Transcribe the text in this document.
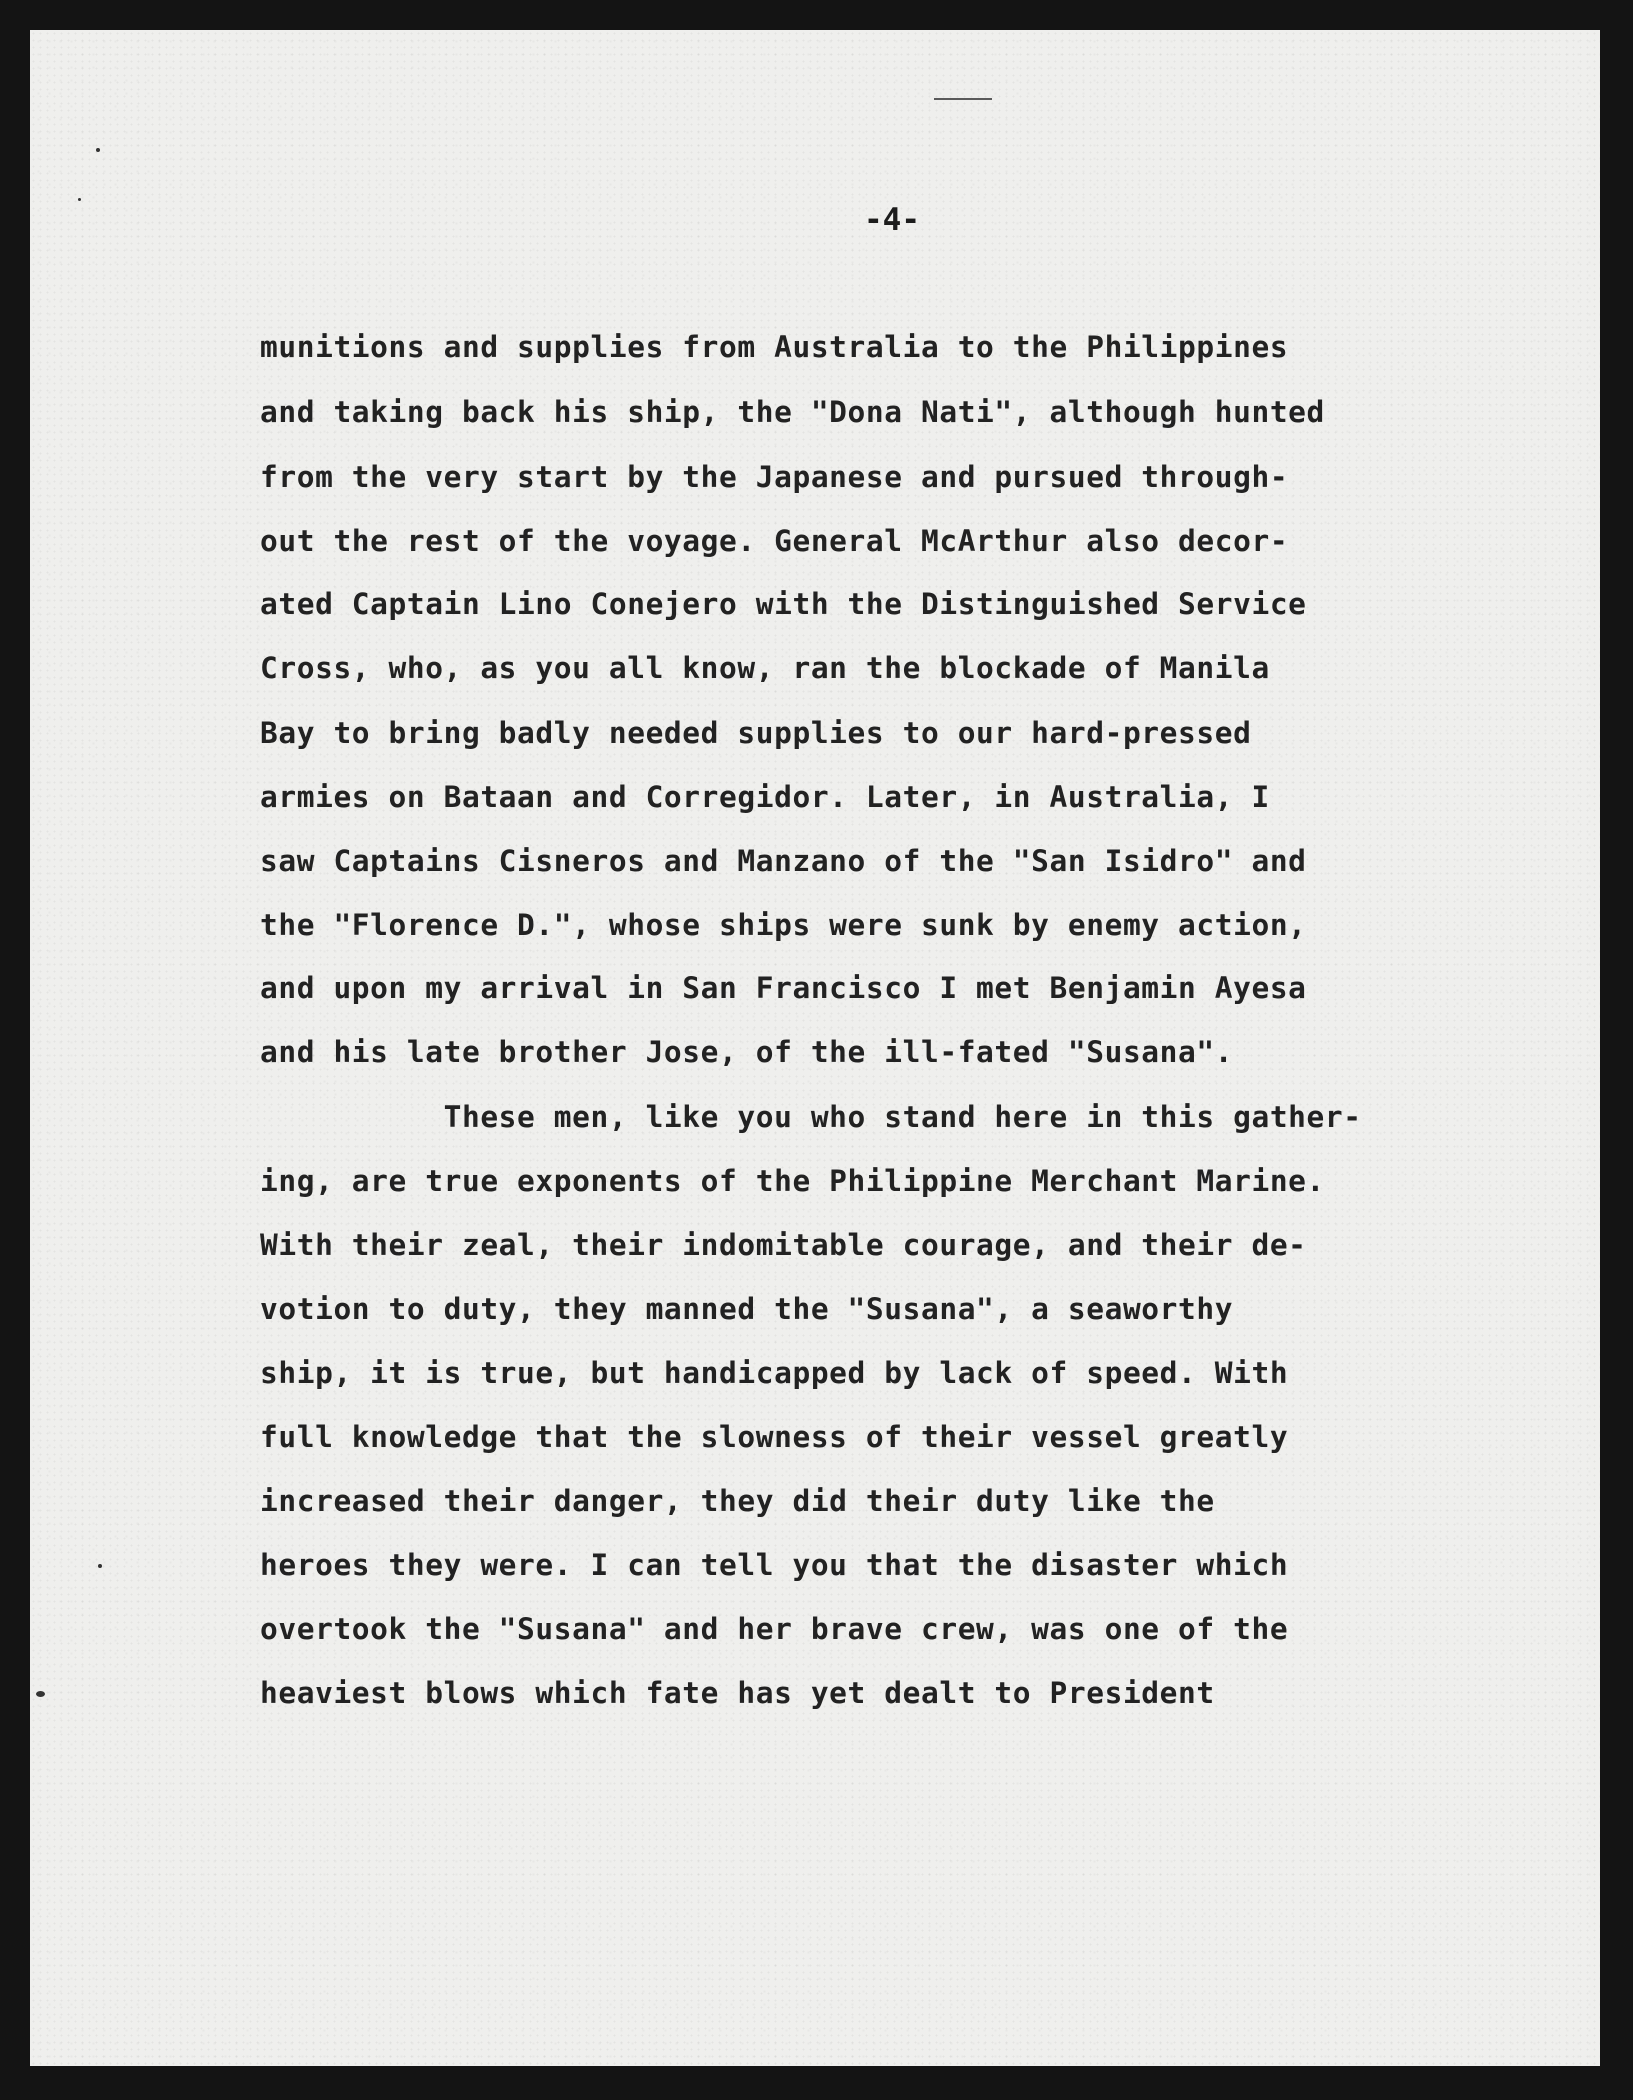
-4-
munitions and supplies from Australia to the Philippines
and taking back his ship, the "Dona Nati", although hunted
from the very start by the Japanese and pursued through-
out the rest of the voyage. General McArthur also decor-
ated Captain Lino Conejero with the Distinguished Service
Cross, who, as you all know, ran the blockade of Manila
Bay to bring badly needed supplies to our hard-pressed
armies on Bataan and Corregidor. Later, in Australia, I
saw Captains Cisneros and Manzano of the "San Isidro" and
the "Florence D.", whose ships were sunk by enemy action,
and upon my arrival in San Francisco I met Benjamin Ayesa
and his late brother Jose, of the ill-fated "Susana".
These men, like you who stand here in this gather-
ing, are true exponents of the Philippine Merchant Marine.
With their zeal, their indomitable courage, and their de-
votion to duty, they manned the "Susana", a seaworthy
ship, it is true, but handicapped by lack of speed. With
full knowledge that the slowness of their vessel greatly
increased their danger, they did their duty like the
heroes they were. I can tell you that the disaster which
overtook the "Susana" and her brave crew, was one of the
heaviest blows which fate has yet dealt to President
